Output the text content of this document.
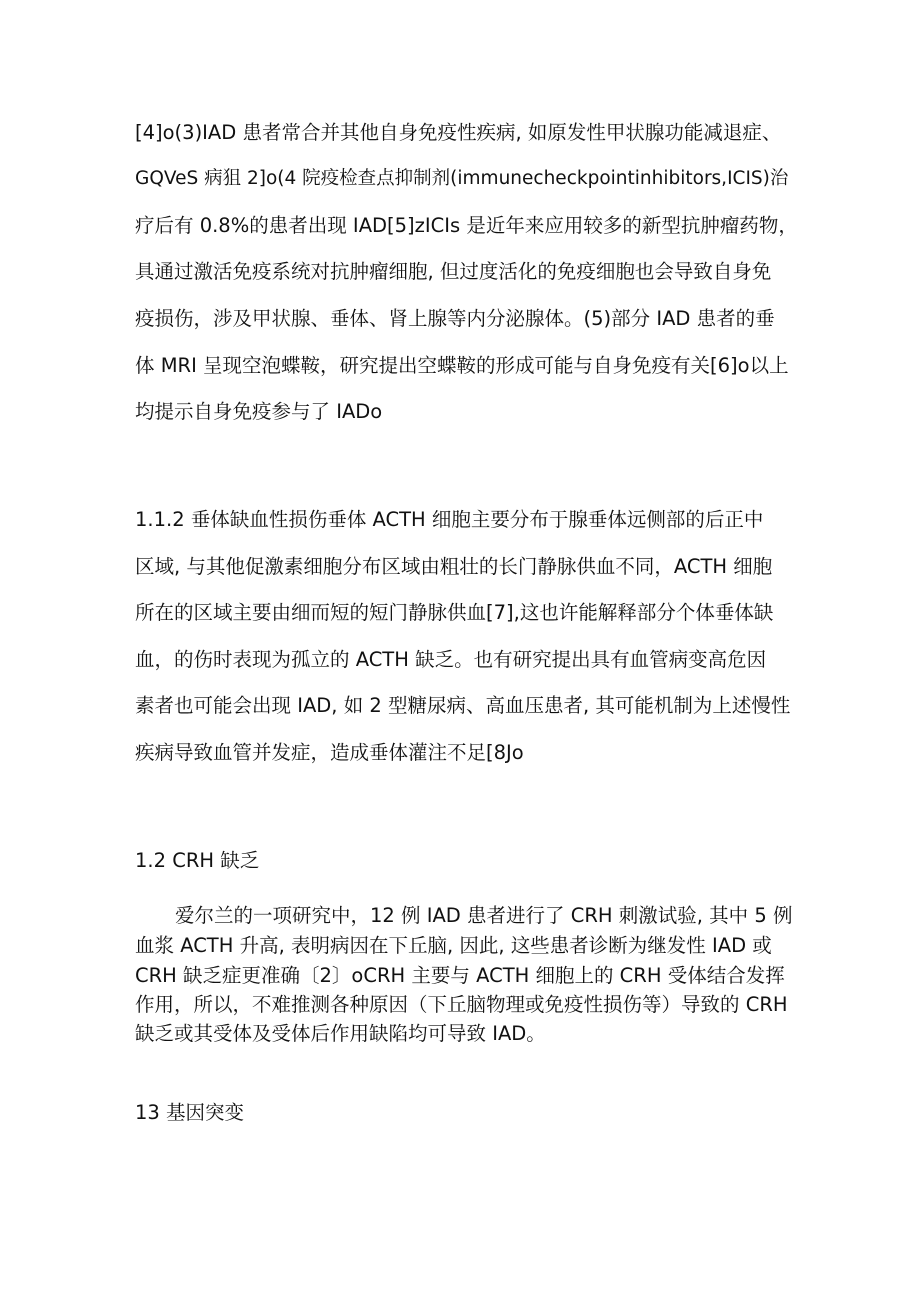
[4]o(3)IAD 患者常合并其他自身免疫性疾病, 如原发性甲状腺功能减退症、
GQVeS 病狙 2]o(4 院疫检查点抑制剂(immunecheckpointinhibitors,ICIS)治
疗后有 0.8%的患者出现 IAD[5]zICIs 是近年来应用较多的新型抗肿瘤药物，
具通过激活免疫系统对抗肿瘤细胞, 但过度活化的免疫细胞也会导致自身免
疫损伤，涉及甲状腺、垂体、肾上腺等内分泌腺体。(5)部分 IAD 患者的垂
体 MRI 呈现空泡蝶鞍，研究提出空蝶鞍的形成可能与自身免疫有关[6]o以上
均提示自身免疫参与了 IADo
1.1.2 垂体缺血性损伤垂体 ACTH 细胞主要分布于腺垂体远侧部的后正中
区域, 与其他促激素细胞分布区域由粗壮的长门静脉供血不同，ACTH 细胞
所在的区域主要由细而短的短门静脉供血[7],这也许能解释部分个体垂体缺
血，的伤时表现为孤立的 ACTH 缺乏。也有研究提出具有血管病变高危因
素者也可能会出现 IAD, 如 2 型糖尿病、高血压患者, 其可能机制为上述慢性
疾病导致血管并发症，造成垂体灌注不足[8Jo
1.2 CRH 缺乏
爱尔兰的一项研究中，12 例 IAD 患者进行了 CRH 刺激试验, 其中 5 例
血浆 ACTH 升高, 表明病因在下丘脑, 因此, 这些患者诊断为继发性 IAD 或
CRH 缺乏症更准确〔2〕oCRH 主要与 ACTH 细胞上的 CRH 受体结合发挥
作用，所以，不难推测各种原因（下丘脑物理或免疫性损伤等）导致的 CRH
缺乏或其受体及受体后作用缺陷均可导致 IAD。
13 基因突变
